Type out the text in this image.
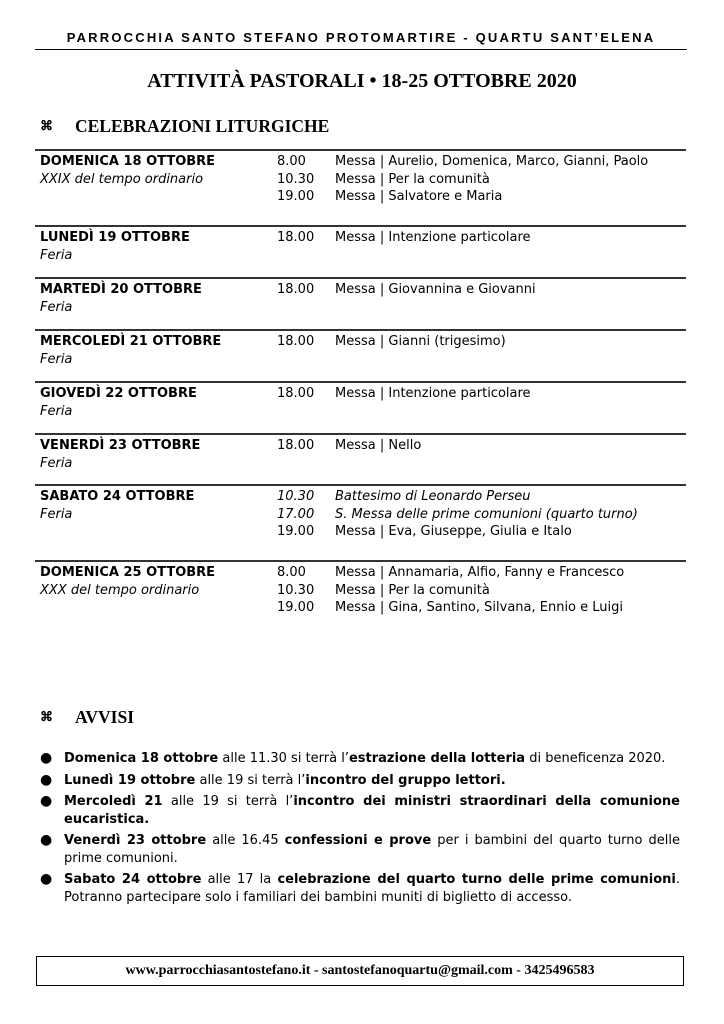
PARROCCHIA SANTO STEFANO PROTOMARTIRE - QUARTU SANT’ELENA
ATTIVITÀ PASTORALI • 18-25 OTTOBRE 2020
⌘ CELEBRAZIONI LITURGICHE
DOMENICA 18 OTTOBRE
XXIX del tempo ordinario
8.00 Messa | Aurelio, Domenica, Marco, Gianni, Paolo
10.30 Messa | Per la comunità
19.00 Messa | Salvatore e Maria
LUNEDÌ 19 OTTOBRE
Feria
18.00 Messa | Intenzione particolare
MARTEDÌ 20 OTTOBRE
Feria
18.00 Messa | Giovannina e Giovanni
MERCOLEDÌ 21 OTTOBRE
Feria
18.00 Messa | Gianni (trigesimo)
GIOVEDÌ 22 OTTOBRE
Feria
18.00 Messa | Intenzione particolare
VENERDÌ 23 OTTOBRE
Feria
18.00 Messa | Nello
SABATO 24 OTTOBRE
Feria
10.30 Battesimo di Leonardo Perseu
17.00 S. Messa delle prime comunioni (quarto turno)
19.00 Messa | Eva, Giuseppe, Giulia e Italo
DOMENICA 25 OTTOBRE
XXX del tempo ordinario
8.00 Messa | Annamaria, Alfio, Fanny e Francesco
10.30 Messa | Per la comunità
19.00 Messa | Gina, Santino, Silvana, Ennio e Luigi
⌘ AVVISI
● Domenica 18 ottobre alle 11.30 si terrà l’estrazione della lotteria di beneficenza 2020.
● Lunedì 19 ottobre alle 19 si terrà l’incontro del gruppo lettori.
● Mercoledì 21 alle 19 si terrà l’incontro dei ministri straordinari della comunione eucaristica.
● Venerdì 23 ottobre alle 16.45 confessioni e prove per i bambini del quarto turno delle prime comunioni.
● Sabato 24 ottobre alle 17 la celebrazione del quarto turno delle prime comunioni. Potranno partecipare solo i familiari dei bambini muniti di biglietto di accesso.
www.parrocchiasantostefano.it - santostefanoquartu@gmail.com - 3425496583
